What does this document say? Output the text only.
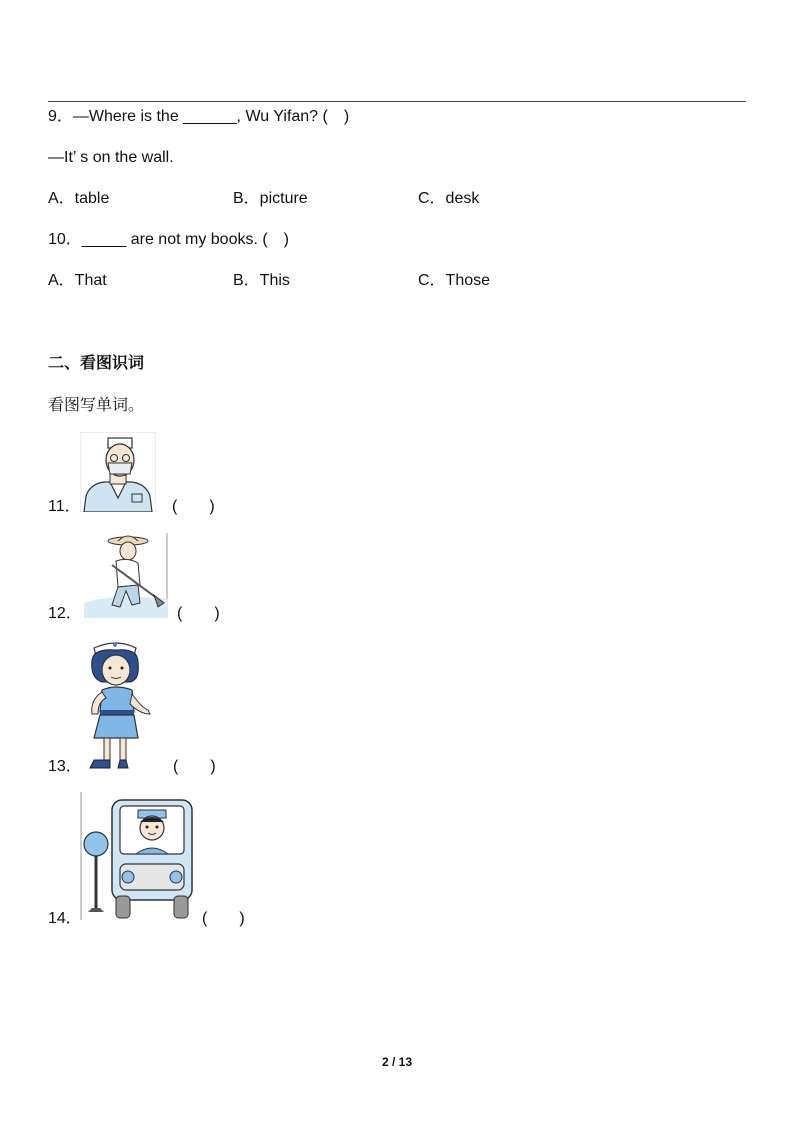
9．—Where is the ______, Wu Yifan? (　)
—It’ s on the wall.
A．table	B．picture	C．desk
10．_____ are not my books. (　)
A．That	B．This	C．Those
二、看图识词
看图写单词。
11．	(　　)
12．	(　　)
13．	(　　)
14．	(　　)
2 / 13
